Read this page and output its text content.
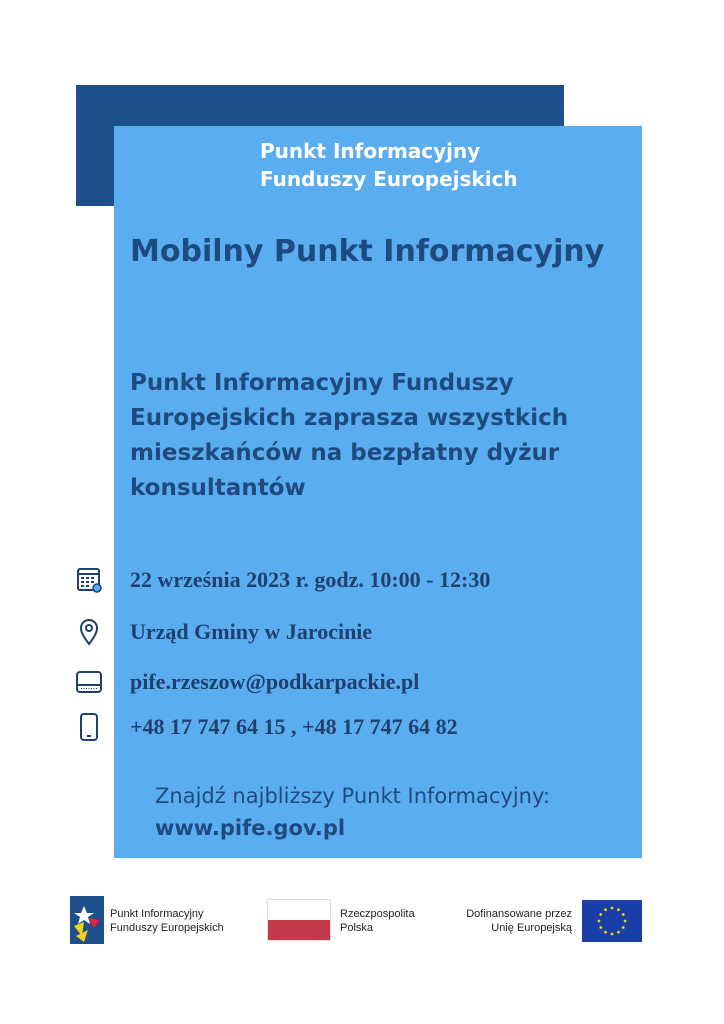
Punkt Informacyjny
Funduszy Europejskich
Mobilny Punkt Informacyjny
Punkt Informacyjny Funduszy
Europejskich zaprasza wszystkich
mieszkańców na bezpłatny dyżur
konsultantów
22 września 2023 r. godz. 10:00 - 12:30
Urząd Gminy w Jarocinie
pife.rzeszow@podkarpackie.pl
+48 17 747 64 15 , +48 17 747 64 82
Znajdź najbliższy Punkt Informacyjny:
www.pife.gov.pl
Punkt Informacyjny
Funduszy Europejskich
Rzeczpospolita
Polska
Dofinansowane przez
Unię Europejską
